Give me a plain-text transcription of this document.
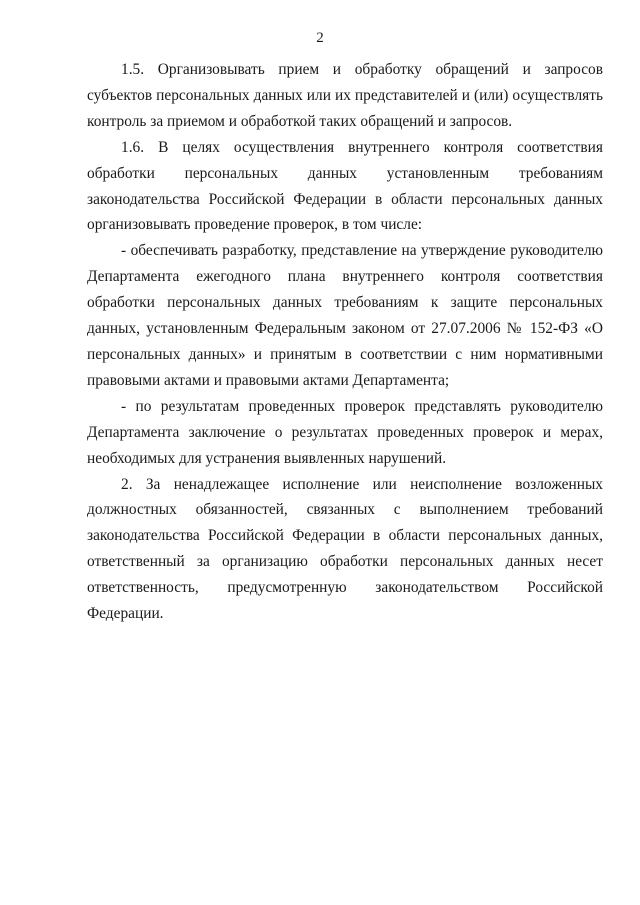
2

1.5. Организовывать прием и обработку обращений и запросов субъектов персональных данных или их представителей и (или) осуществлять контроль за приемом и обработкой таких обращений и запросов.

1.6. В целях осуществления внутреннего контроля соответствия обработки персональных данных установленным требованиям законодательства Российской Федерации в области персональных данных организовывать проведение проверок, в том числе:

- обеспечивать разработку, представление на утверждение руководителю Департамента ежегодного плана внутреннего контроля соответствия обработки персональных данных требованиям к защите персональных данных, установленным Федеральным законом от 27.07.2006 № 152-ФЗ «О персональных данных» и принятым в соответствии с ним нормативными правовыми актами и правовыми актами Департамента;

- по результатам проведенных проверок представлять руководителю Департамента заключение о результатах проведенных проверок и мерах, необходимых для устранения выявленных нарушений.

2. За ненадлежащее исполнение или неисполнение возложенных должностных обязанностей, связанных с выполнением требований законодательства Российской Федерации в области персональных данных, ответственный за организацию обработки персональных данных несет ответственность, предусмотренную законодательством Российской Федерации.
